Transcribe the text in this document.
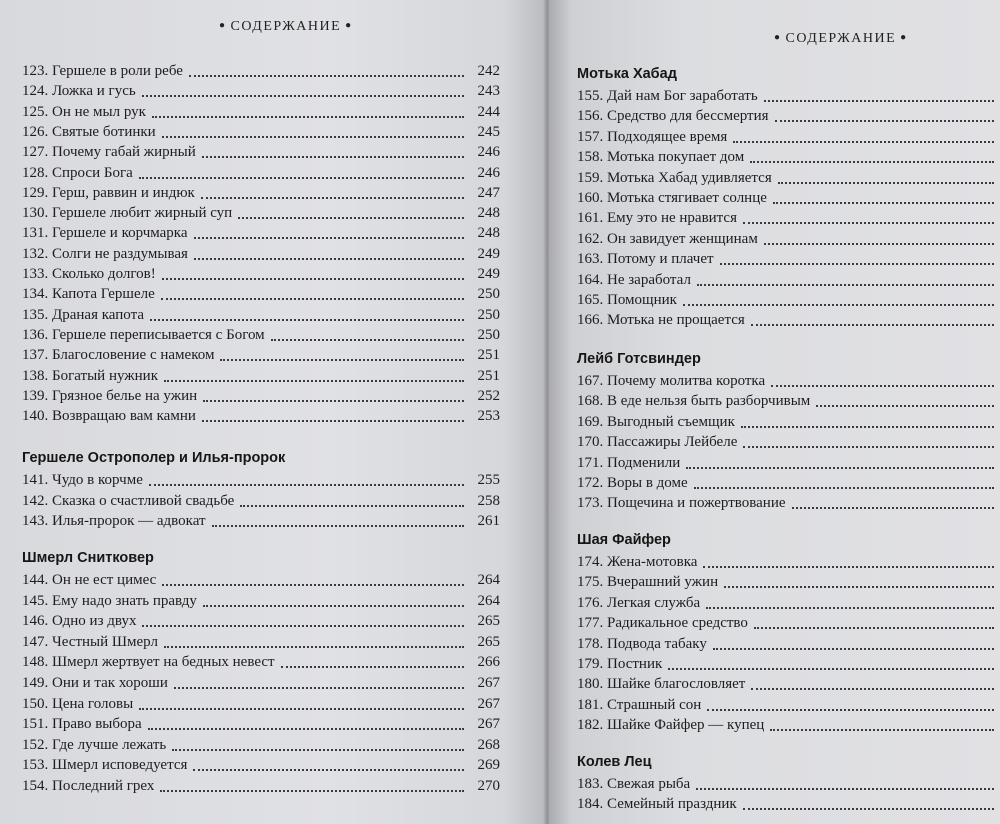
● СОДЕРЖАНИЕ ●
123. Гершеле в роли ребе	242
124. Ложка и гусь	243
125. Он не мыл рук	244
126. Святые ботинки	245
127. Почему габай жирный	246
128. Спроси Бога	246
129. Герш, раввин и индюк	247
130. Гершеле любит жирный суп	248
131. Гершеле и корчмарка	248
132. Солги не раздумывая	249
133. Сколько долгов!	249
134. Капота Гершеле	250
135. Драная капота	250
136. Гершеле переписывается с Богом	250
137. Благословение с намеком	251
138. Богатый нужник	251
139. Грязное белье на ужин	252
140. Возвращаю вам камни	253
Гершеле Острополер и Илья-пророк
141. Чудо в корчме	255
142. Сказка о счастливой свадьбе	258
143. Илья-пророк — адвокат	261
Шмерл Снитковер
144. Он не ест цимес	264
145. Ему надо знать правду	264
146. Одно из двух	265
147. Честный Шмерл	265
148. Шмерл жертвует на бедных невест	266
149. Они и так хороши	267
150. Цена головы	267
151. Право выбора	267
152. Где лучше лежать	268
153. Шмерл исповедуется	269
154. Последний грех	270
Мотька Хабад
155. Дай нам Бог заработать
156. Средство для бессмертия
157. Подходящее время
158. Мотька покупает дом
159. Мотька Хабад удивляется
160. Мотька стягивает солнце
161. Ему это не нравится
162. Он завидует женщинам
163. Потому и плачет
164. Не заработал
165. Помощник
166. Мотька не прощается
Лейб Готсвиндер
167. Почему молитва коротка
168. В еде нельзя быть разборчивым
169. Выгодный съемщик
170. Пассажиры Лейбеле
171. Подменили
172. Воры в доме
173. Пощечина и пожертвование
Шая Файфер
174. Жена-мотовка
175. Вчерашний ужин
176. Легкая служба
177. Радикальное средство
178. Подвода табаку
179. Постник
180. Шайке благословляет
181. Страшный сон
182. Шайке Файфер — купец
Колев Лец
183. Свежая рыба
184. Семейный праздник
● СОДЕРЖАНИЕ ●
